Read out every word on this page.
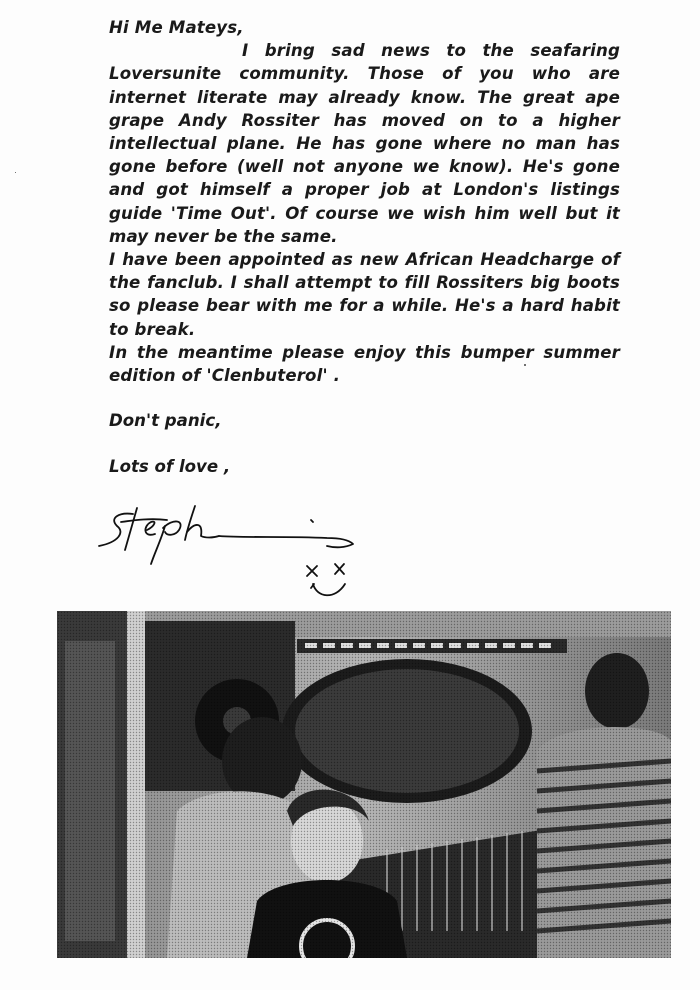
Hi Me Mateys,

I bring sad news to the seafaring Loversunite community. Those of you who are internet literate may already know. The great ape grape Andy Rossiter has moved on to a higher intellectual plane. He has gone where no man has gone before (well not anyone we know). He's gone and got himself a proper job at London's listings guide 'Time Out'. Of course we wish him well but it may never be the same.

I have been appointed as new African Headcharge of the fanclub. I shall attempt to fill Rossiters big boots so please bear with me for a while. He's a hard habit to break.

In the meantime please enjoy this bumper summer edition of 'Clenbuterol' .

Don't panic,
Lots of love ,
